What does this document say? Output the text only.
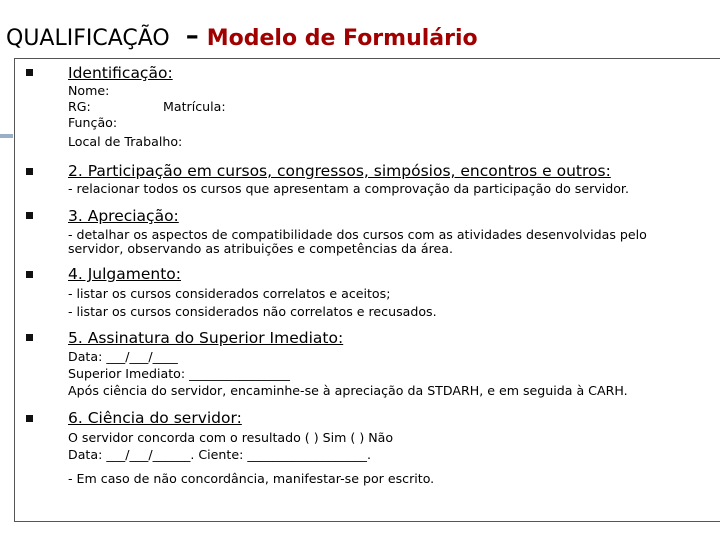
QUALIFICAÇÃO – Modelo de Formulário
Identificação:
Nome:
RG:	Matrícula:
Função:
Local de Trabalho:
2. Participação em cursos, congressos, simpósios, encontros e outros:
- relacionar todos os cursos que apresentam a comprovação da participação do servidor.
3. Apreciação:
- detalhar os aspectos de compatibilidade dos cursos com as atividades desenvolvidas pelo
servidor, observando as atribuições e competências da área.
4. Julgamento:
- listar os cursos considerados correlatos e aceitos;
- listar os cursos considerados não correlatos e recusados.
5. Assinatura do Superior Imediato:
Data: ___/___/____
Superior Imediato: ________________
Após ciência do servidor, encaminhe-se à apreciação da STDARH, e em seguida à CARH.
6. Ciência do servidor:
O servidor concorda com o resultado ( ) Sim ( ) Não
Data: ___/___/______. Ciente: ___________________.
- Em caso de não concordância, manifestar-se por escrito.
